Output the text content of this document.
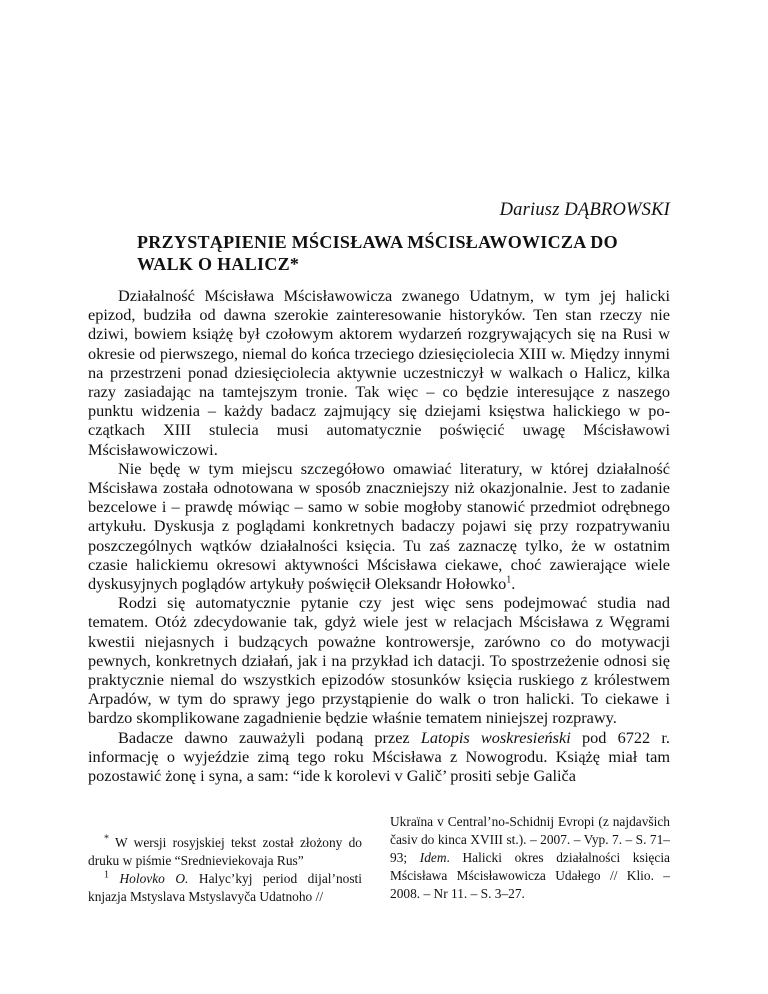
Dariusz DĄBROWSKI
PRZYSTĄPIENIE MŚCISŁAWA MŚCISŁAWOWICZA DO WALK O HALICZ*

Działalność Mścisława Mścisławowicza zwanego Udatnym, w tym jej halicki epizod, budziła od dawna szerokie zainteresowanie historyków. Ten stan rzeczy nie dziwi, bowiem książę był czołowym aktorem wydarzeń rozgrywających się na Rusi w okresie od pierwszego, niemal do końca trzeciego dziesięciolecia XIII w. Między innymi na przestrzeni ponad dziesięciolecia aktywnie uczestniczył w walkach o Halicz, kilka razy zasiadając na tamtejszym tronie. Tak więc – co będzie interesujące z naszego punktu widzenia – każdy badacz zajmujący się dziejami księstwa halickiego w początkach XIII stulecia musi automatycznie poświęcić uwagę Mścisławowi Mścisławowiczowi.

Nie będę w tym miejscu szczegółowo omawiać literatury, w której działalność Mścisława została odnotowana w sposób znaczniejszy niż okazjonalnie. Jest to zadanie bezcelowe i – prawdę mówiąc – samo w sobie mogłoby stanowić przedmiot odrębnego artykułu. Dyskusja z poglądami konkretnych badaczy pojawi się przy rozpatrywaniu poszczególnych wątków działalności księcia. Tu zaś zaznaczę tylko, że w ostatnim czasie halickiemu okresowi aktywności Mścisława ciekawe, choć zawierające wiele dyskusyjnych poglądów artykuły poświęcił Oleksandr Hołowko$^1$.

Rodzi się automatycznie pytanie czy jest więc sens podejmować studia nad tematem. Otóż zdecydowanie tak, gdyż wiele jest w relacjach Mścisława z Węgrami kwestii niejasnych i budzących poważne kontrowersje, zarówno co do motywacji pewnych, konkretnych działań, jak i na przykład ich datacji. To spostrzeżenie odnosi się praktycznie niemal do wszystkich epizodów stosunków księcia ruskiego z królestwem Arpadów, w tym do sprawy jego przystąpienie do walk o tron halicki. To ciekawe i bardzo skomplikowane zagadnienie będzie właśnie tematem niniejszej rozprawy.

Badacze dawno zauważyli podaną przez Latopis woskresieński pod 6722 r. informację o wyjeździe zimą tego roku Mścisława z Nowogrodu. Książę miał tam pozostawić żonę i syna, a sam: “ide k korolevi v Galič’ prositi sebje Galiča

* W wersji rosyjskiej tekst został złożony do druku w piśmie “Srednieviekovaja Rus”

$^1$ Holovko O. Halyc’kyj period dijal’nosti knjazja Mstyslava Mstyslavyča Udatnoho //

Ukraïna v Central’no-Schidnij Evropi (z najdavšich časiv do kinca XVIII st.). – 2007. – Vyp. 7. – S. 71–93; Idem. Halicki okres działalności księcia Mścisława Mścisławowicza Udałego // Klio. – 2008. – Nr 11. – S. 3–27.
